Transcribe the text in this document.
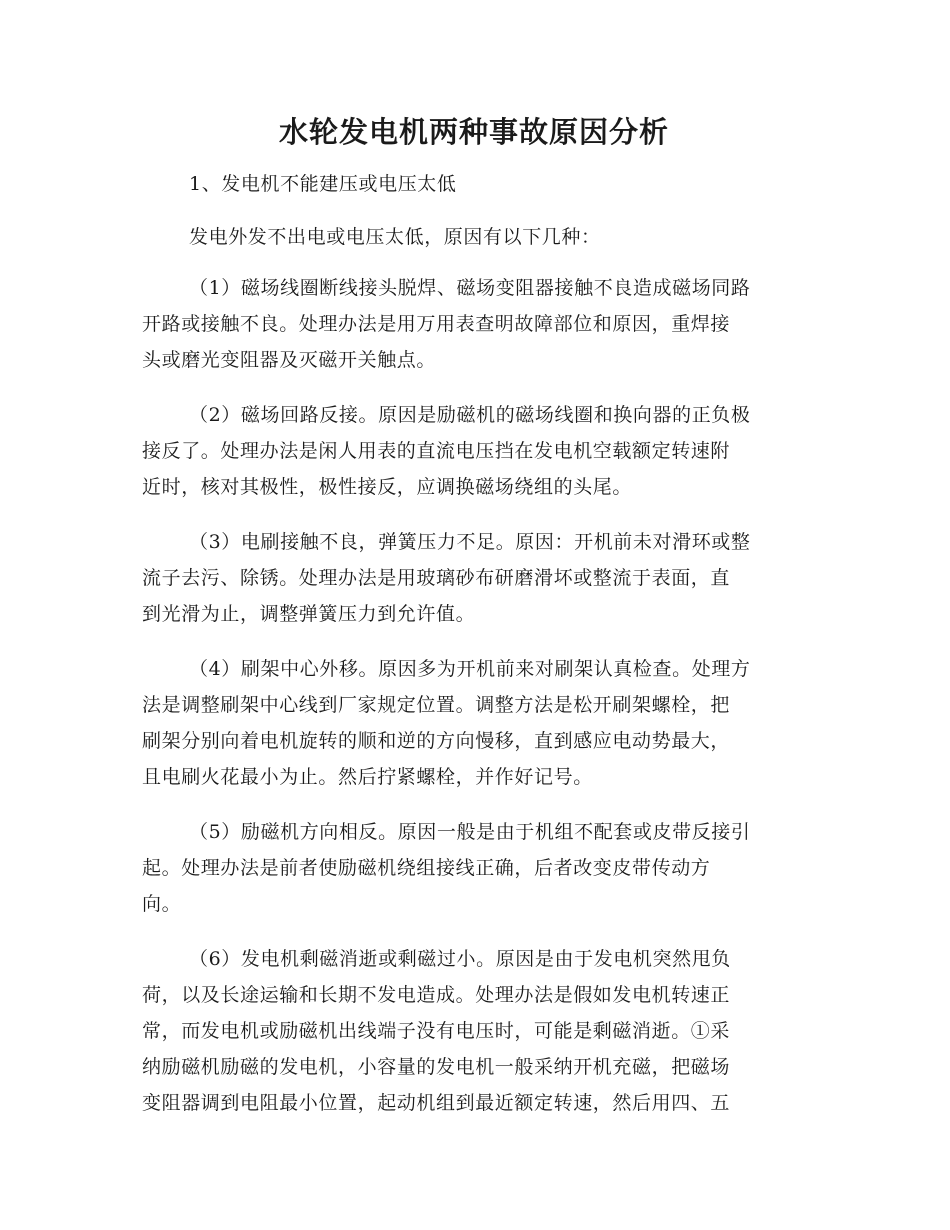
水轮发电机两种事故原因分析

1、发电机不能建压或电压太低

发电外发不出电或电压太低，原因有以下几种：

（1）磁场线圈断线接头脱焊、磁场变阻器接触不良造成磁场同路
开路或接触不良。处理办法是用万用表查明故障部位和原因，重焊接
头或磨光变阻器及灭磁开关触点。

（2）磁场回路反接。原因是励磁机的磁场线圈和换向器的正负极
接反了。处理办法是闲人用表的直流电压挡在发电机空载额定转速附
近时，核对其极性，极性接反，应调换磁场绕组的头尾。

（3）电刷接触不良，弹簧压力不足。原因：开机前未对滑环或整
流子去污、除锈。处理办法是用玻璃砂布研磨滑坏或整流于表面，直
到光滑为止，调整弹簧压力到允许值。

（4）刷架中心外移。原因多为开机前来对刷架认真检查。处理方
法是调整刷架中心线到厂家规定位置。调整方法是松开刷架螺栓，把
刷架分别向着电机旋转的顺和逆的方向慢移，直到感应电动势最大，
且电刷火花最小为止。然后拧紧螺栓，并作好记号。

（5）励磁机方向相反。原因一般是由于机组不配套或皮带反接引
起。处理办法是前者使励磁机绕组接线正确，后者改变皮带传动方
向。

（6）发电机剩磁消逝或剩磁过小。原因是由于发电机突然甩负
荷，以及长途运输和长期不发电造成。处理办法是假如发电机转速正
常，而发电机或励磁机出线端子没有电压时，可能是剩磁消逝。①采
纳励磁机励磁的发电机，小容量的发电机一般采纳开机充磁，把磁场
变阻器调到电阻最小位置，起动机组到最近额定转速，然后用四、五
